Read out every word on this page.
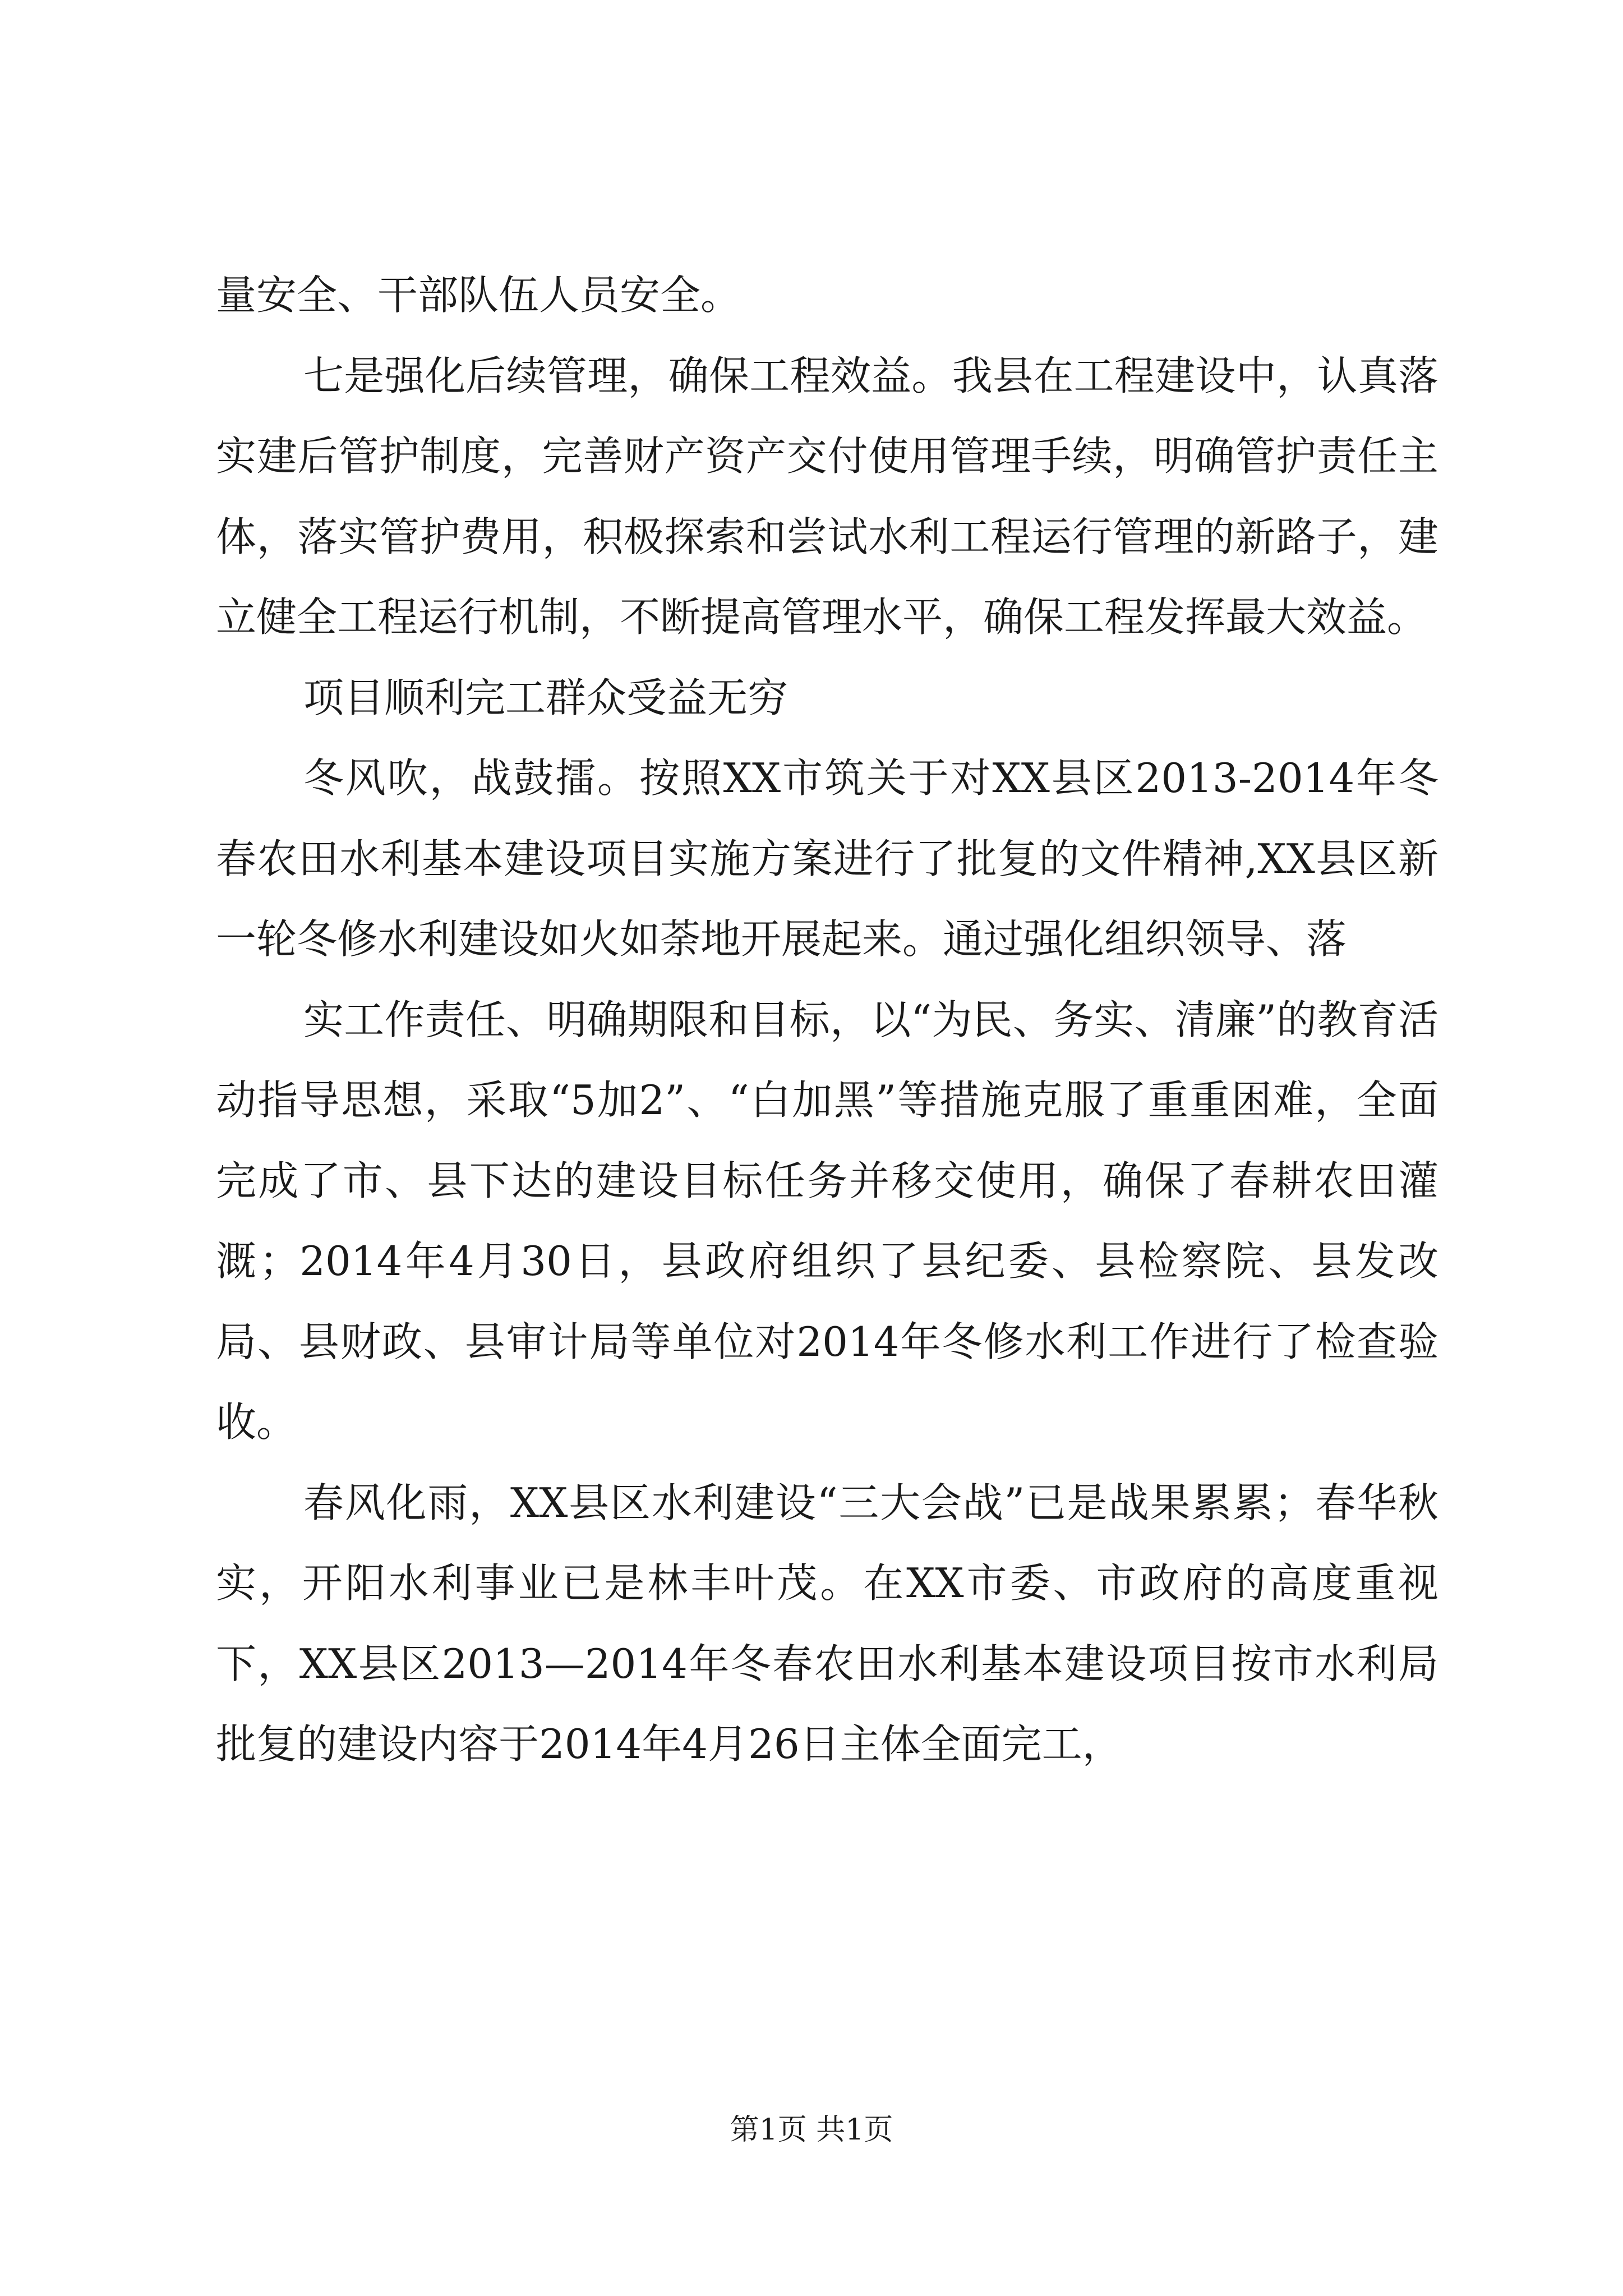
量安全、干部队伍人员安全。

七是强化后续管理，确保工程效益。我县在工程建设中，认真落实建后管护制度，完善财产资产交付使用管理手续，明确管护责任主体，落实管护费用，积极探索和尝试水利工程运行管理的新路子，建立健全工程运行机制，不断提高管理水平，确保工程发挥最大效益。

项目顺利完工群众受益无穷

冬风吹，战鼓擂。按照XX市筑关于对XX县区2013-2014年冬春农田水利基本建设项目实施方案进行了批复的文件精神,XX县区新一轮冬修水利建设如火如荼地开展起来。通过强化组织领导、落

实工作责任、明确期限和目标，以“为民、务实、清廉”的教育活动指导思想，采取“5加2”、“白加黑”等措施克服了重重困难，全面完成了市、县下达的建设目标任务并移交使用，确保了春耕农田灌溉；2014年4月30日，县政府组织了县纪委、县检察院、县发改局、县财政、县审计局等单位对2014年冬修水利工作进行了检查验收。

春风化雨，XX县区水利建设“三大会战”已是战果累累；春华秋实，开阳水利事业已是林丰叶茂。在XX市委、市政府的高度重视下，XX县区2013—2014年冬春农田水利基本建设项目按市水利局批复的建设内容于2014年4月26日主体全面完工，

第1页 共1页
